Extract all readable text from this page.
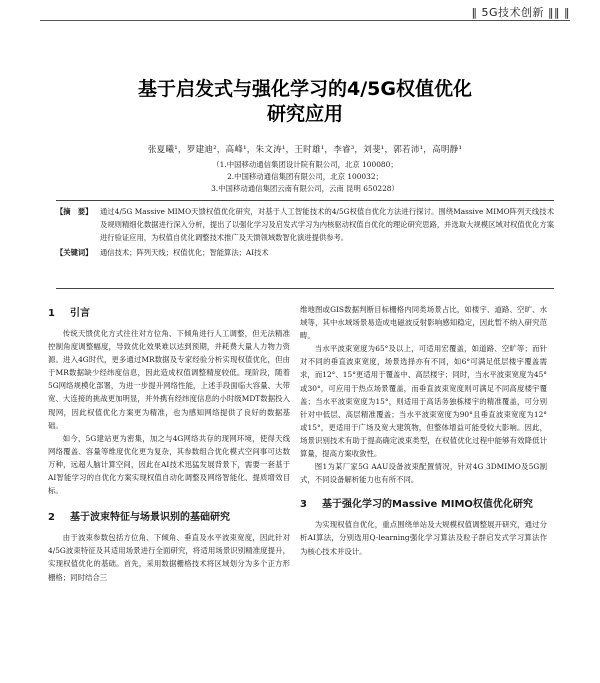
‖ 5G技术创新 ‖‖ ‖
基于启发式与强化学习的4/5G权值优化
研究应用
张夏曦¹，罗建迪²，高峰¹，朱文涛¹，王时雄¹，李睿³，刘斐¹，郭若沛¹，高明静¹
（1.中国移动通信集团设计院有限公司，北京 100080；
2.中国移动通信集团有限公司，北京 100032；
3.中国移动通信集团云南有限公司，云南 昆明 650228）
【摘　要】	通过4/5G Massive MIMO天馈权值优化研究，对基于人工智能技术的4/5G权值自优化方法进行探讨。围绕Massive MIMO阵列天线技术及规则精细化数据进行深入分析，提出了以强化学习及启发式学习为内核驱动权值自优化的理论研究思路，并选取大规模区域对权值优化方案进行验证应用，为权值自优化调整技术推广及天馈领域数智化演进提供参考。
【关键词】	通信技术；阵列天线；权值优化；智能算法；AI技术
1	引言

传统天馈优化方式往往对方位角、下倾角进行人工调整，但无法精准控制角度调整幅度，导致优化效果难以达到预期，并耗费大量人力物力资源。进入4G时代，更多通过MR数据及专家经验分析实现权值优化，但由于MR数据缺少经纬度信息，因此造成权值调整精度较低。现阶段，随着5G网络规模化部署，为进一步提升网络性能，上述手段面临大容量、大带宽、大连接的挑战更加明显，并外携有经纬度信息的小时级MDT数据投入现网，因此权值优化方案更为精准，也为感知网络提供了良好的数据基础。

如今，5G建站更为密集，加之与4G网络共存的现网环境，使得天线网络覆盖、容量等维度优化更为复杂，其参数组合优化模式空间事可达数万种，远超人脑计算空间，因此在AI技术迅猛发展背景下，需要一套基于AI智能学习的自优化方案实现权值自动化调整及网络智能化、提质增效目标。

2	基于波束特征与场景识别的基础研究

由于波束参数包括方位角、下倾角、垂直及水平波束宽度，因此针对4/5G波束特征及其适用场景进行全面研究，将适用场景识别精准度提升，实现权值优化的基础。首先，采用数据栅格技术将区域划分为多个正方形栅格；同时结合三

维地图或GIS数据判断目标栅格内同类场景占比，如楼宇、道路、空旷、水域等，其中水域场景易造成电磁波反射影响感知稳定，因此暂不纳入研究范畴。

当水平波束宽度为65°及以上，可适用宏覆盖，如道路、空旷等；而针对不同的垂直波束宽度，场景选择亦有不同，如6°可满足低层楼宇覆盖需求，而12°、15°更适用于覆盖中、高层楼宇；同时，当水平波束宽度为45°或30°，可应用于热点场景覆盖，而垂直波束宽度则可满足不同高度楼宇覆盖；当水平波束宽度为15°，则适用于高话务独栋楼宇的精准覆盖，可分别针对中低层、高层精准覆盖；当水平波束宽度为90°且垂直波束宽度为12°或15°，更适用于广场及宽大建筑物，但整体增益可能受较大影响。因此，场景识别技术有助于提高确定波束类型，在权值优化过程中能够有效降低计算量，提高方案收敛性。

图1为某厂家5G AAU设备波束配置情况，针对4G 3DMIMO及5G制式，不同设备解析能力也有所不同。

3	基于强化学习的Massive MIMO权值优化研究

为实现权值自优化，重点围绕单站及大规模权值调整展开研究，通过分析AI算法，分别选用Q-learning强化学习算法及粒子群启发式学习算法作为核心技术并设计。
